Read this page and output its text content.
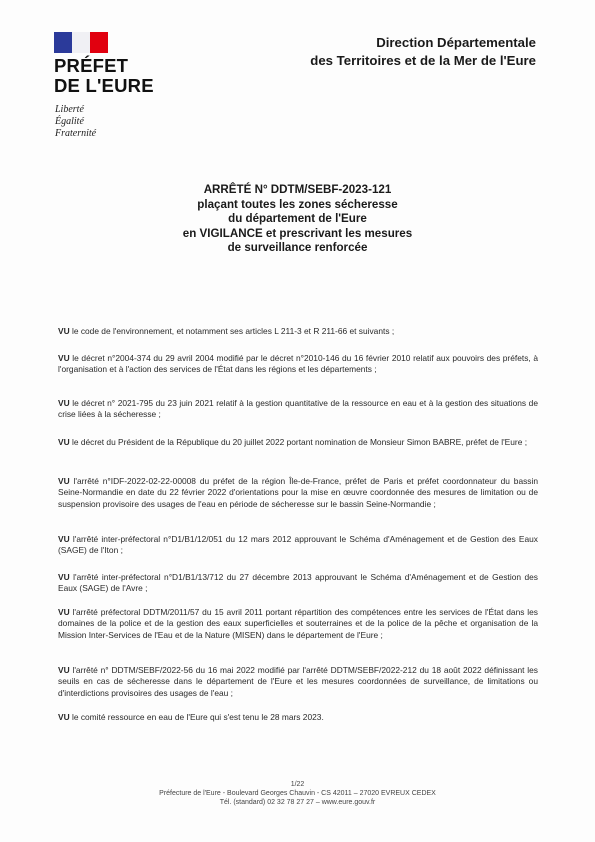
PRÉFET
DE L'EURE
Liberté
Égalité
Fraternité
Direction Départementale
des Territoires et de la Mer de l'Eure
ARRÊTÉ N° DDTM/SEBF-2023-121
plaçant toutes les zones sécheresse
du département de l'Eure
en VIGILANCE et prescrivant les mesures
de surveillance renforcée

VU le code de l'environnement, et notamment ses articles L 211-3 et R 211-66 et suivants ;

VU le décret n°2004-374 du 29 avril 2004 modifié par le décret n°2010-146 du 16 février 2010 relatif aux pouvoirs des préfets, à l'organisation et à l'action des services de l'État dans les régions et les départements ;

VU le décret n° 2021-795 du 23 juin 2021 relatif à la gestion quantitative de la ressource en eau et à la gestion des situations de crise liées à la sécheresse ;

VU le décret du Président de la République du 20 juillet 2022 portant nomination de Monsieur Simon BABRE, préfet de l'Eure ;

VU l'arrêté n°IDF-2022-02-22-00008 du préfet de la région Île-de-France, préfet de Paris et préfet coordonnateur du bassin Seine-Normandie en date du 22 février 2022 d'orientations pour la mise en œuvre coordonnée des mesures de limitation ou de suspension provisoire des usages de l'eau en période de sécheresse sur le bassin Seine-Normandie ;

VU l'arrêté inter-préfectoral n°D1/B1/12/051 du 12 mars 2012 approuvant le Schéma d'Aménagement et de Gestion des Eaux (SAGE) de l'Iton ;

VU l'arrêté inter-préfectoral n°D1/B1/13/712 du 27 décembre 2013 approuvant le Schéma d'Aménagement et de Gestion des Eaux (SAGE) de l'Avre ;

VU l'arrêté préfectoral DDTM/2011/57 du 15 avril 2011 portant répartition des compétences entre les services de l'État dans les domaines de la police et de la gestion des eaux superficielles et souterraines et de la police de la pêche et organisation de la Mission Inter-Services de l'Eau et de la Nature (MISEN) dans le département de l'Eure ;

VU l'arrêté n° DDTM/SEBF/2022-56 du 16 mai 2022 modifié par l'arrêté DDTM/SEBF/2022-212 du 18 août 2022 définissant les seuils en cas de sécheresse dans le département de l'Eure et les mesures coordonnées de surveillance, de limitations ou d'interdictions provisoires des usages de l'eau ;

VU le comité ressource en eau de l'Eure qui s'est tenu le 28 mars 2023.

1/22
Préfecture de l'Eure - Boulevard Georges Chauvin - CS 42011 – 27020 EVREUX CEDEX
Tél. (standard) 02 32 78 27 27 – www.eure.gouv.fr
